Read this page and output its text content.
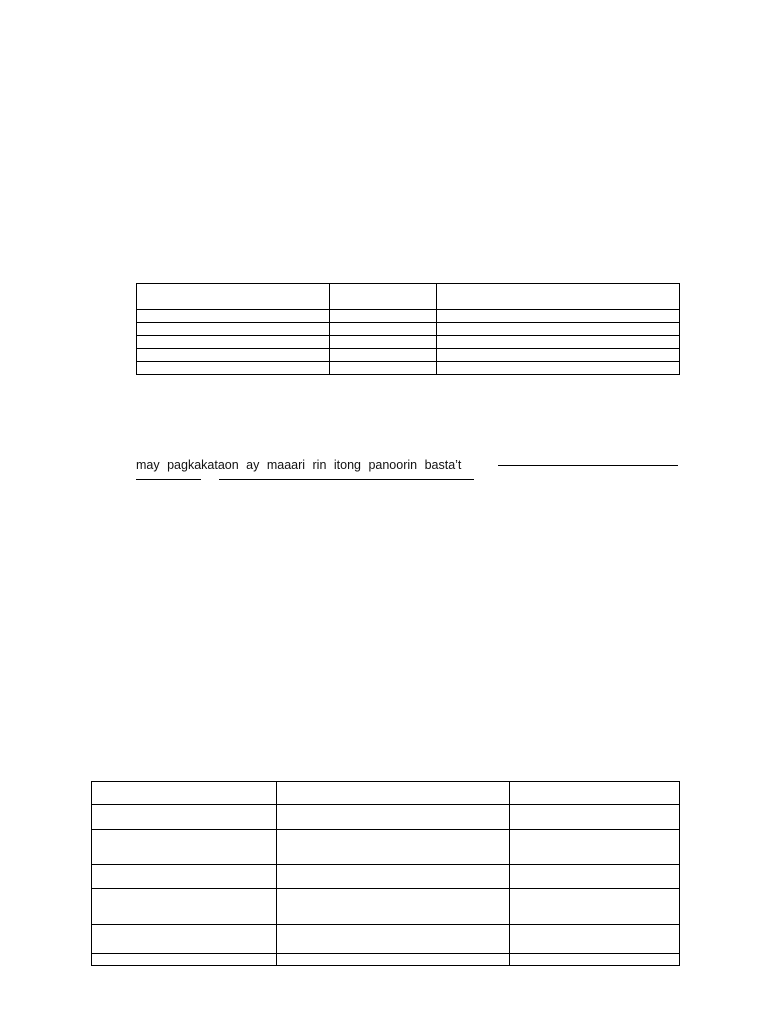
may pagkakataon ay maaari rin itong panoorin basta’t
